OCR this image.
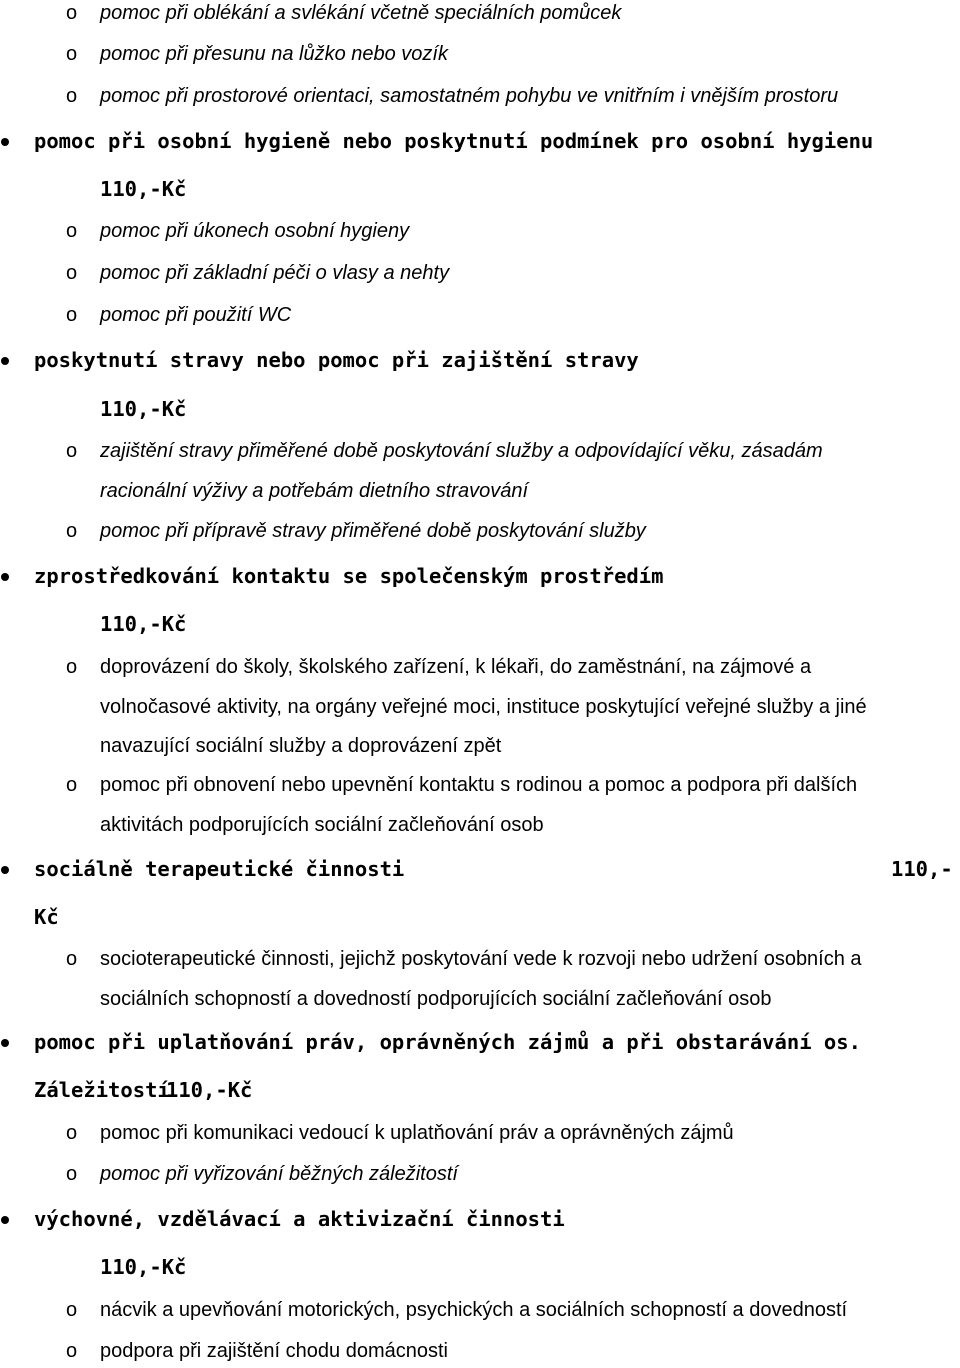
o pomoc při oblékání a svlékání včetně speciálních pomůcek
o pomoc při přesunu na lůžko nebo vozík
o pomoc při prostorové orientaci, samostatném pohybu ve vnitřním i vnějším prostoru
pomoc při osobní hygieně nebo poskytnutí podmínek pro osobní hygienu
110,-Kč
o pomoc při úkonech osobní hygieny
o pomoc při základní péči o vlasy a nehty
o pomoc při použití WC
poskytnutí stravy nebo pomoc při zajištění stravy
110,-Kč
o zajištění stravy přiměřené době poskytování služby a odpovídající věku, zásadám
racionální výživy a potřebám dietního stravování
o pomoc při přípravě stravy přiměřené době poskytování služby
zprostředkování kontaktu se společenským prostředím
110,-Kč
o doprovázení do školy, školského zařízení, k lékaři, do zaměstnání, na zájmové a
volnočasové aktivity, na orgány veřejné moci, instituce poskytující veřejné služby a jiné
navazující sociální služby a doprovázení zpět
o pomoc při obnovení nebo upevnění kontaktu s rodinou a pomoc a podpora při dalších
aktivitách podporujících sociální začleňování osob
sociálně terapeutické činnosti	110,-
Kč
o socioterapeutické činnosti, jejichž poskytování vede k rozvoji nebo udržení osobních a
sociálních schopností a dovedností podporujících sociální začleňování osob
pomoc při uplatňování práv, oprávněných zájmů a při obstarávání os.
Záležitostí
110,-Kč
o pomoc při komunikaci vedoucí k uplatňování práv a oprávněných zájmů
o pomoc při vyřizování běžných záležitostí
výchovné, vzdělávací a aktivizační činnosti
110,-Kč
o nácvik a upevňování motorických, psychických a sociálních schopností a dovedností
o podpora při zajištění chodu domácnosti
